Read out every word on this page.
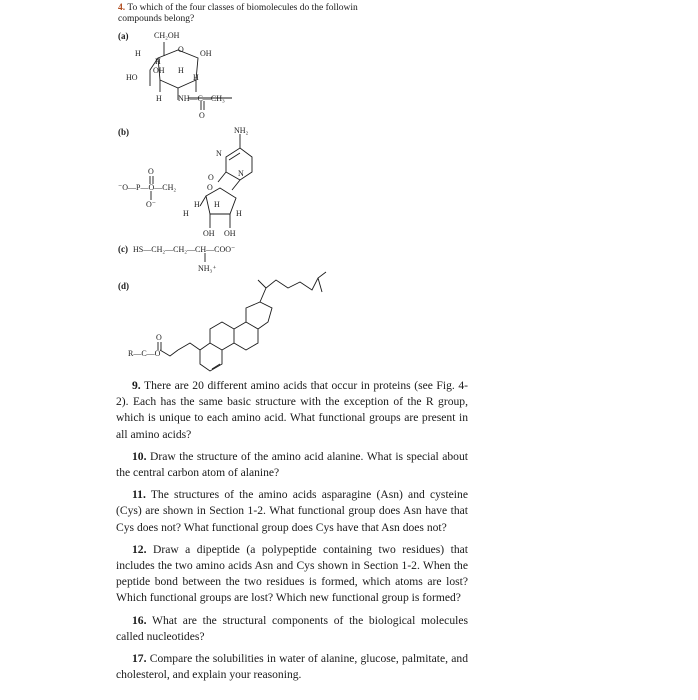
4. To which of the four classes of biomolecules do the followin
compounds belong?
(a)
(b)
(d)
CH₂OH
O
H
H
OH
OH H
HO	H
H NH—C—CH₃
O
NH₂
N
N
O
O
⁻O—P—O—CH₂	O
O⁻	H H
H	H
OH OH
(c) HS—CH₂—CH₂—CH—COO⁻
NH₃⁺
O
R—C—O

9. There are 20 different amino acids that occur in proteins (see Fig. 4-2). Each has the same basic structure with the exception of the R group, which is unique to each amino acid. What functional groups are present in all amino acids?

10. Draw the structure of the amino acid alanine. What is special about the central carbon atom of alanine?

11. The structures of the amino acids asparagine (Asn) and cysteine (Cys) are shown in Section 1-2. What functional group does Asn have that Cys does not? What functional group does Cys have that Asn does not?

12. Draw a dipeptide (a polypeptide containing two residues) that includes the two amino acids Asn and Cys shown in Section 1-2. When the peptide bond between the two residues is formed, which atoms are lost? Which functional groups are lost? Which new functional group is formed?

16. What are the structural components of the biological molecules called nucleotides?

17. Compare the solubilities in water of alanine, glucose, palmitate, and cholesterol, and explain your reasoning.
